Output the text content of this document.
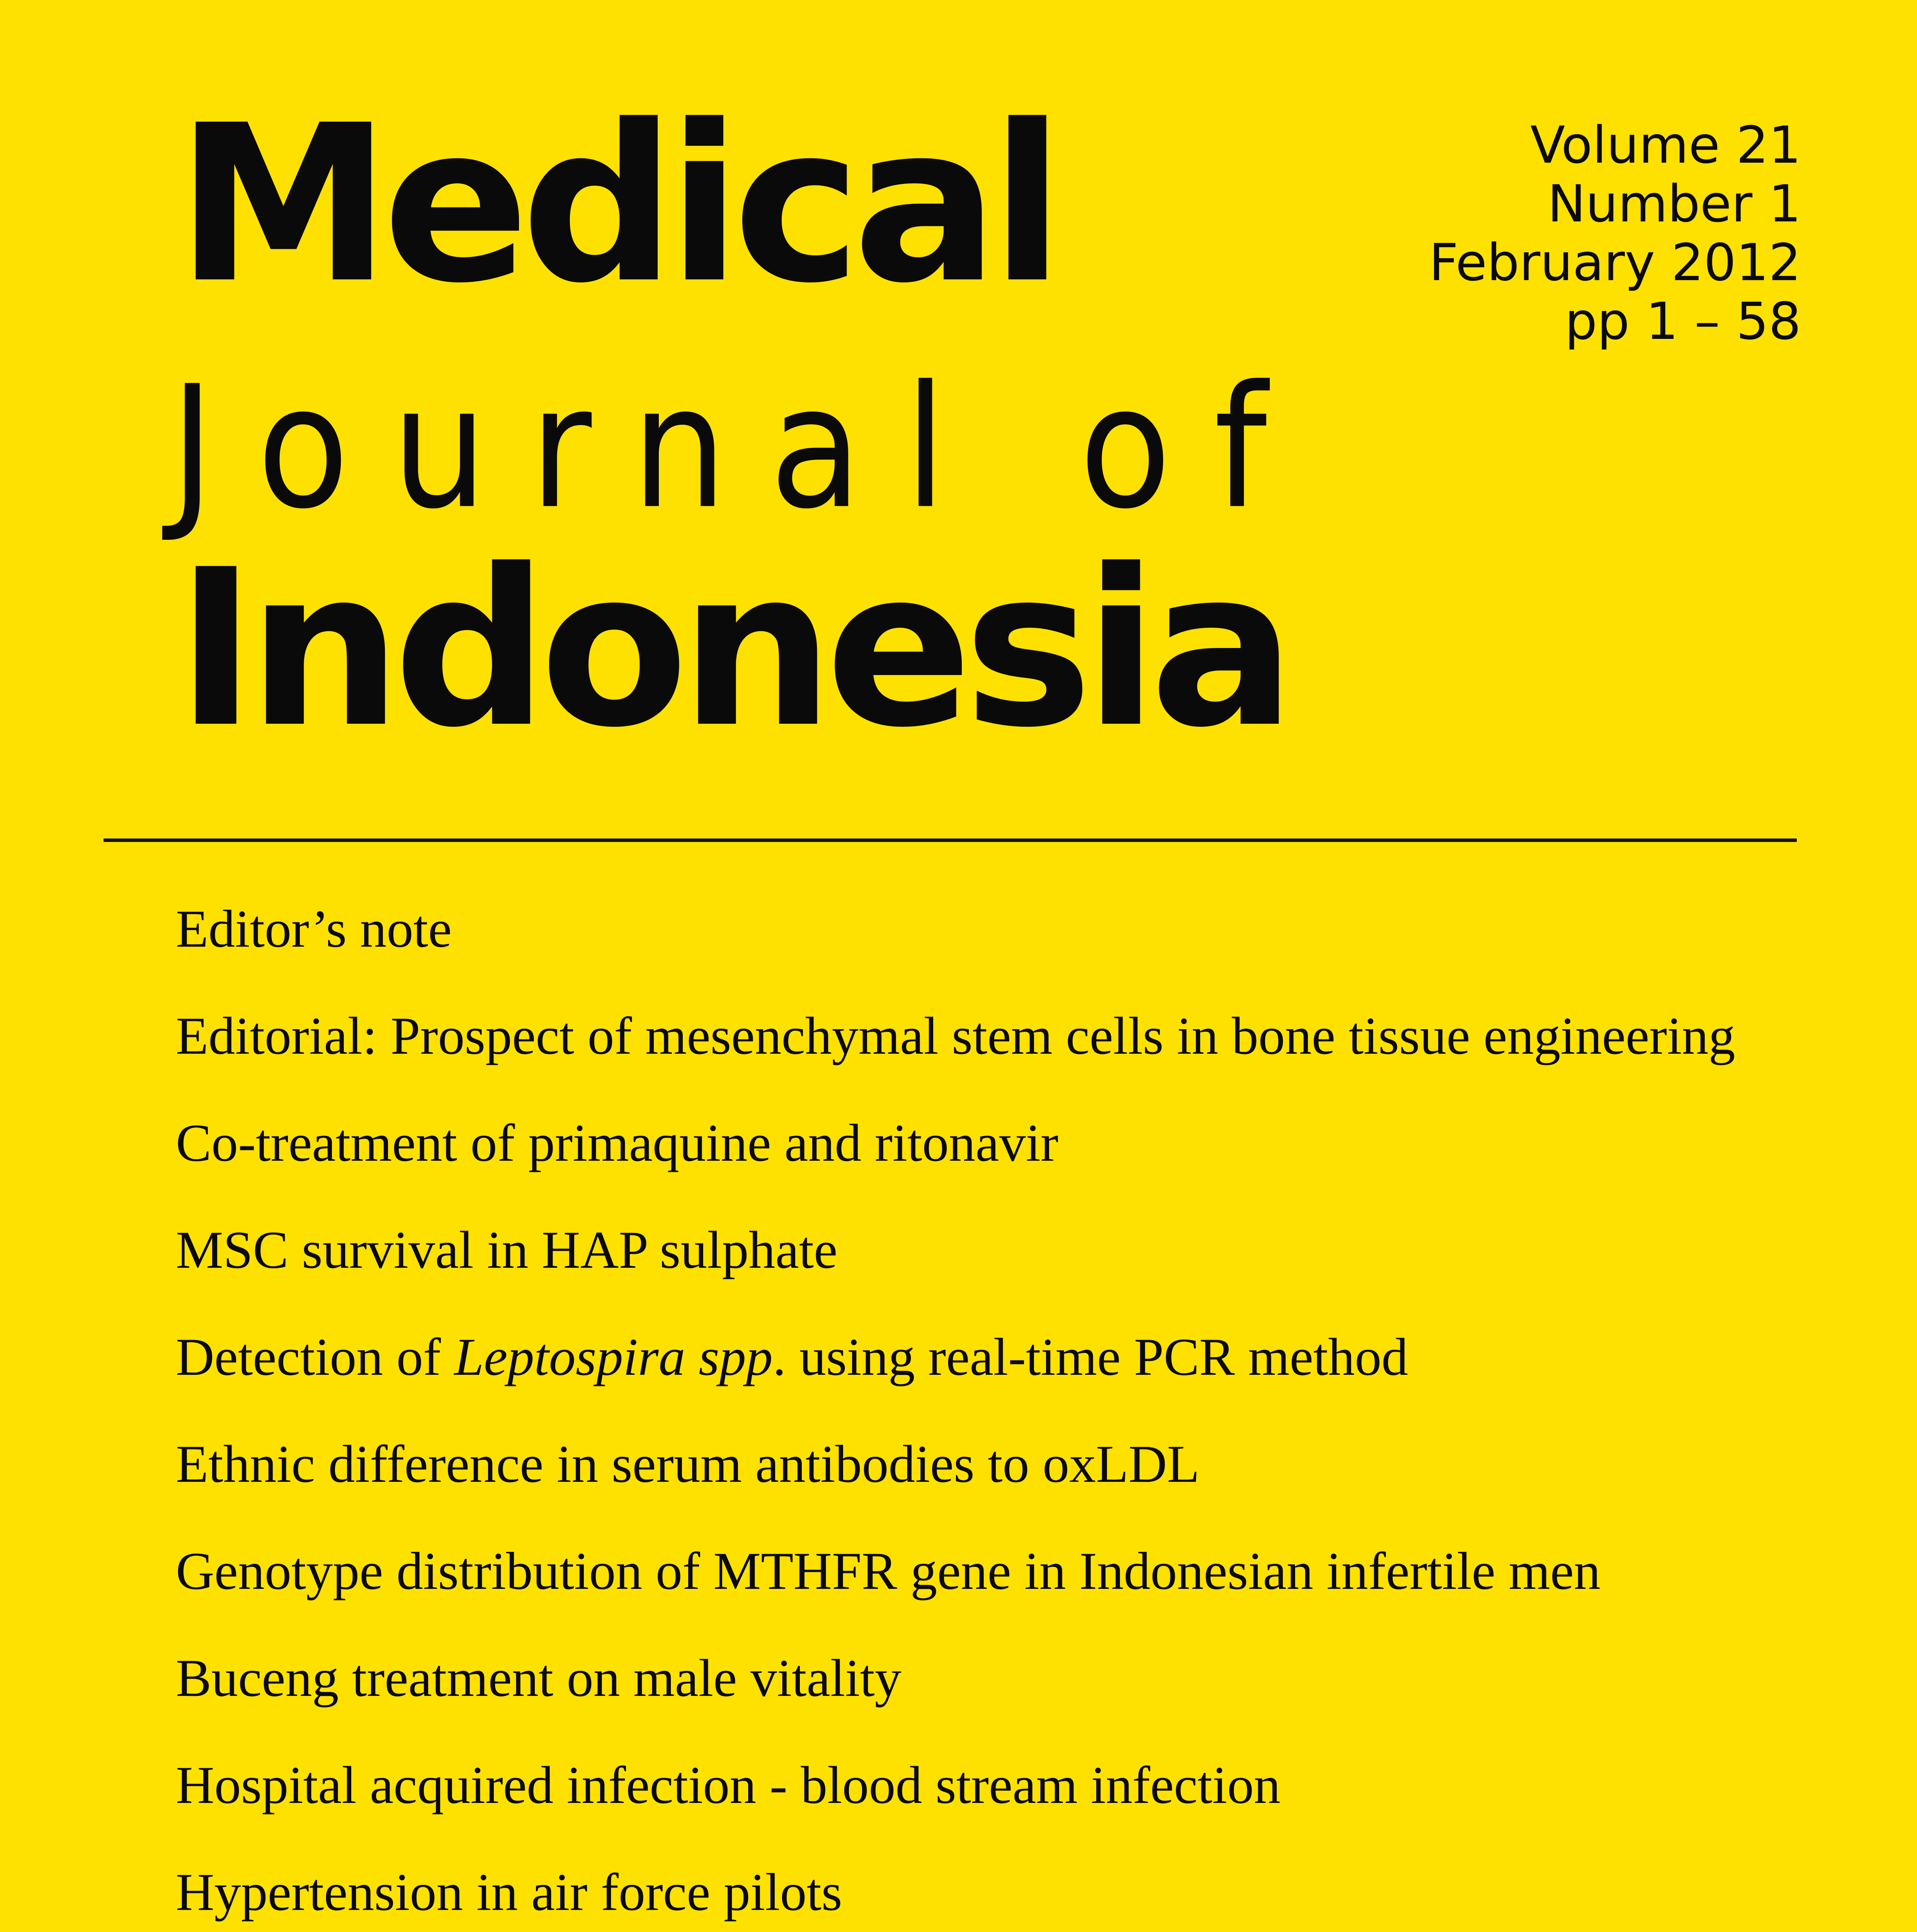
Medical
Journal of
Indonesia
Volume 21
Number 1
February 2012
pp 1 – 58
Editor’s note
Editorial: Prospect of mesenchymal stem cells in bone tissue engineering
Co-treatment of primaquine and ritonavir
MSC survival in HAP sulphate
Detection of Leptospira spp. using real-time PCR method
Ethnic difference in serum antibodies to oxLDL
Genotype distribution of MTHFR gene in Indonesian infertile men
Buceng treatment on male vitality
Hospital acquired infection - blood stream infection
Hypertension in air force pilots
